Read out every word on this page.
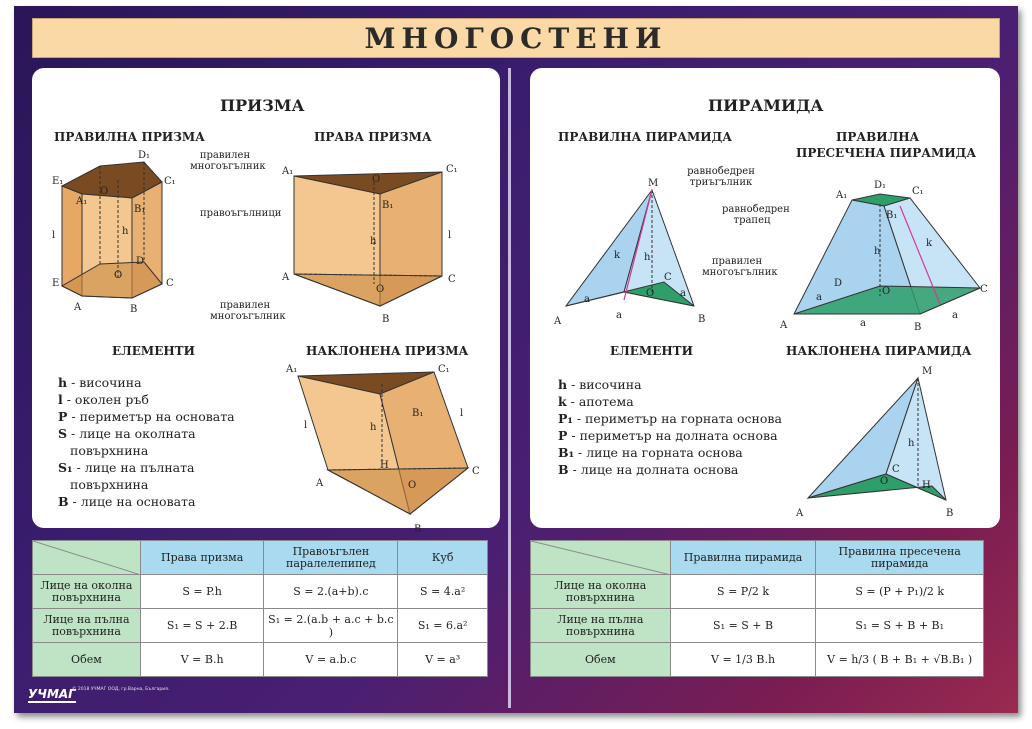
МНОГОСТЕНИ
ПРИЗМА
ПРАВИЛНА ПРИЗМА	ПРАВА ПРИЗМА
D₁
E₁	C₁
B₁
O
A₁
h
l
E
D
C
O
A	B
правилен многоъгълник
правоъгълници
правилен многоъгълник
A₁	C₁
O
B₁
h
l
A	C
O
B
ЕЛЕМЕНТИ	НАКЛОНЕНА ПРИЗМА
h - височина
l - околен ръб
P - периметър на основата
S - лице на околната
повърхнина
S₁ - лице на пълната
повърхнина
B - лице на основата
A₁	C₁
B₁
h
l
l
A
C
H
O
B
ПИРАМИДА
ПРАВИЛНА ПИРАМИДА	ПРАВИЛНА
ПРЕСЕЧЕНА ПИРАМИДА
M
k h
C
O
A
a	B
a
a
равнобедрен триъгълник
правилен многоъгълник
равнобедрен трапец
A₁
D₁
C₁
B₁
h
k
D
C
O
a
A	a	B
a
ЕЛЕМЕНТИ	НАКЛОНЕНА ПИРАМИДА
h - височина
k - апотема
P₁ - периметър на горната основа
P - периметър на долната основа
B₁ - лице на горната основа
B - лице на долната основа
M
h
C
O	H
A	B
	Права призма	Правоъгълен паралелепипед	Куб
Лице на околна повърхнина	S = P.h	S = 2.(a+b).c	S = 4.a²
Лице на пълна повърхнина	S₁ = S + 2.B	S₁ = 2.(a.b + a.c + b.c )	S₁ = 6.a²
Обем	V = B.h	V = a.b.c	V = a³
	Правилна пирамида	Правилна пресечена пирамида
Лице на околна повърхнина	S = P/2 k	S = (P + P₁)/2 k
Лице на пълна повърхнина	S₁ = S + B	S₁ = S + B + B₁
Обем	V = 1/3 B.h	V = h/3 ( B + B₁ + √B.B₁ )
УЧМАГ
© 2018 УЧМАГ ООД, гр.Варна, България.
